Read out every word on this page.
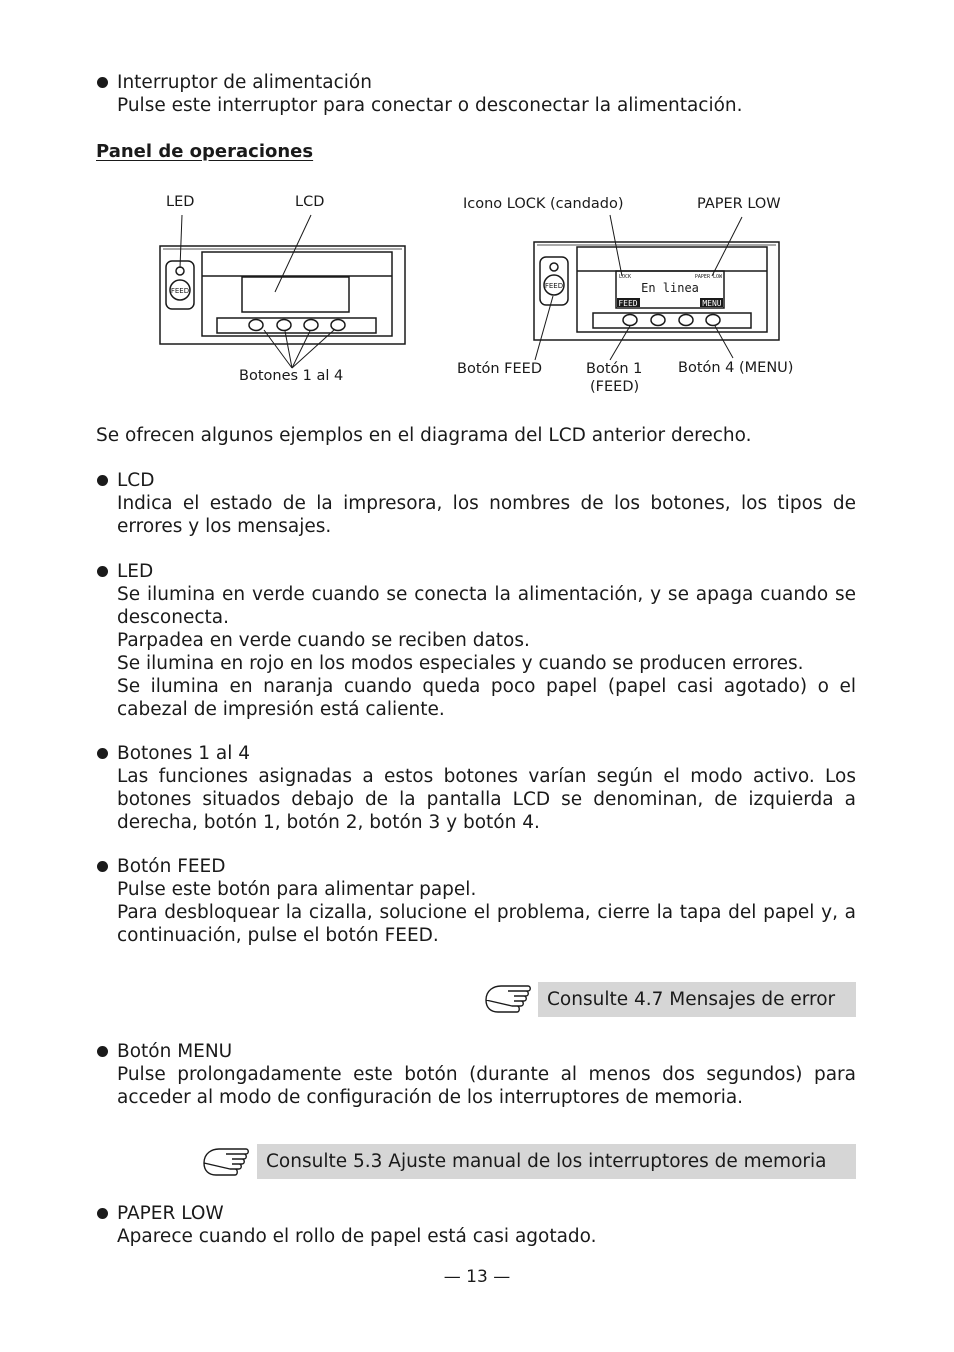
Interruptor de alimentación
Pulse este interruptor para conectar o desconectar la alimentación.
Panel de operaciones
FEED
FEED
LOCK	PAPER LOW
En linea
FEED	MENU
LED	LCD
Botones 1 al 4
Icono LOCK (candado)	PAPER LOW
Botón FEED	Botón 1
(FEED)
Botón 4 (MENU)
Se ofrecen algunos ejemplos en el diagrama del LCD anterior derecho.
LCD
Indica el estado de la impresora, los nombres de los botones, los tipos de errores y los mensajes.
LED

Se ilumina en verde cuando se conecta la alimentación, y se apaga cuando se desconecta.

Parpadea en verde cuando se reciben datos.

Se ilumina en rojo en los modos especiales y cuando se producen errores.

Se ilumina en naranja cuando queda poco papel (papel casi agotado) o el cabezal de impresión está caliente.

Botones 1 al 4
Las funciones asignadas a estos botones varían según el modo activo. Los botones situados debajo de la pantalla LCD se denominan, de izquierda a derecha, botón 1, botón 2, botón 3 y botón 4.
Botón FEED

Pulse este botón para alimentar papel.

Para desbloquear la cizalla, solucione el problema, cierre la tapa del papel y, a continuación, pulse el botón FEED.

Consulte 4.7 Mensajes de error
Botón MENU
Pulse prolongadamente este botón (durante al menos dos segundos) para acceder al modo de configuración de los interruptores de memoria.
Consulte 5.3 Ajuste manual de los interruptores de memoria
PAPER LOW
Aparece cuando el rollo de papel está casi agotado.
— 13 —
